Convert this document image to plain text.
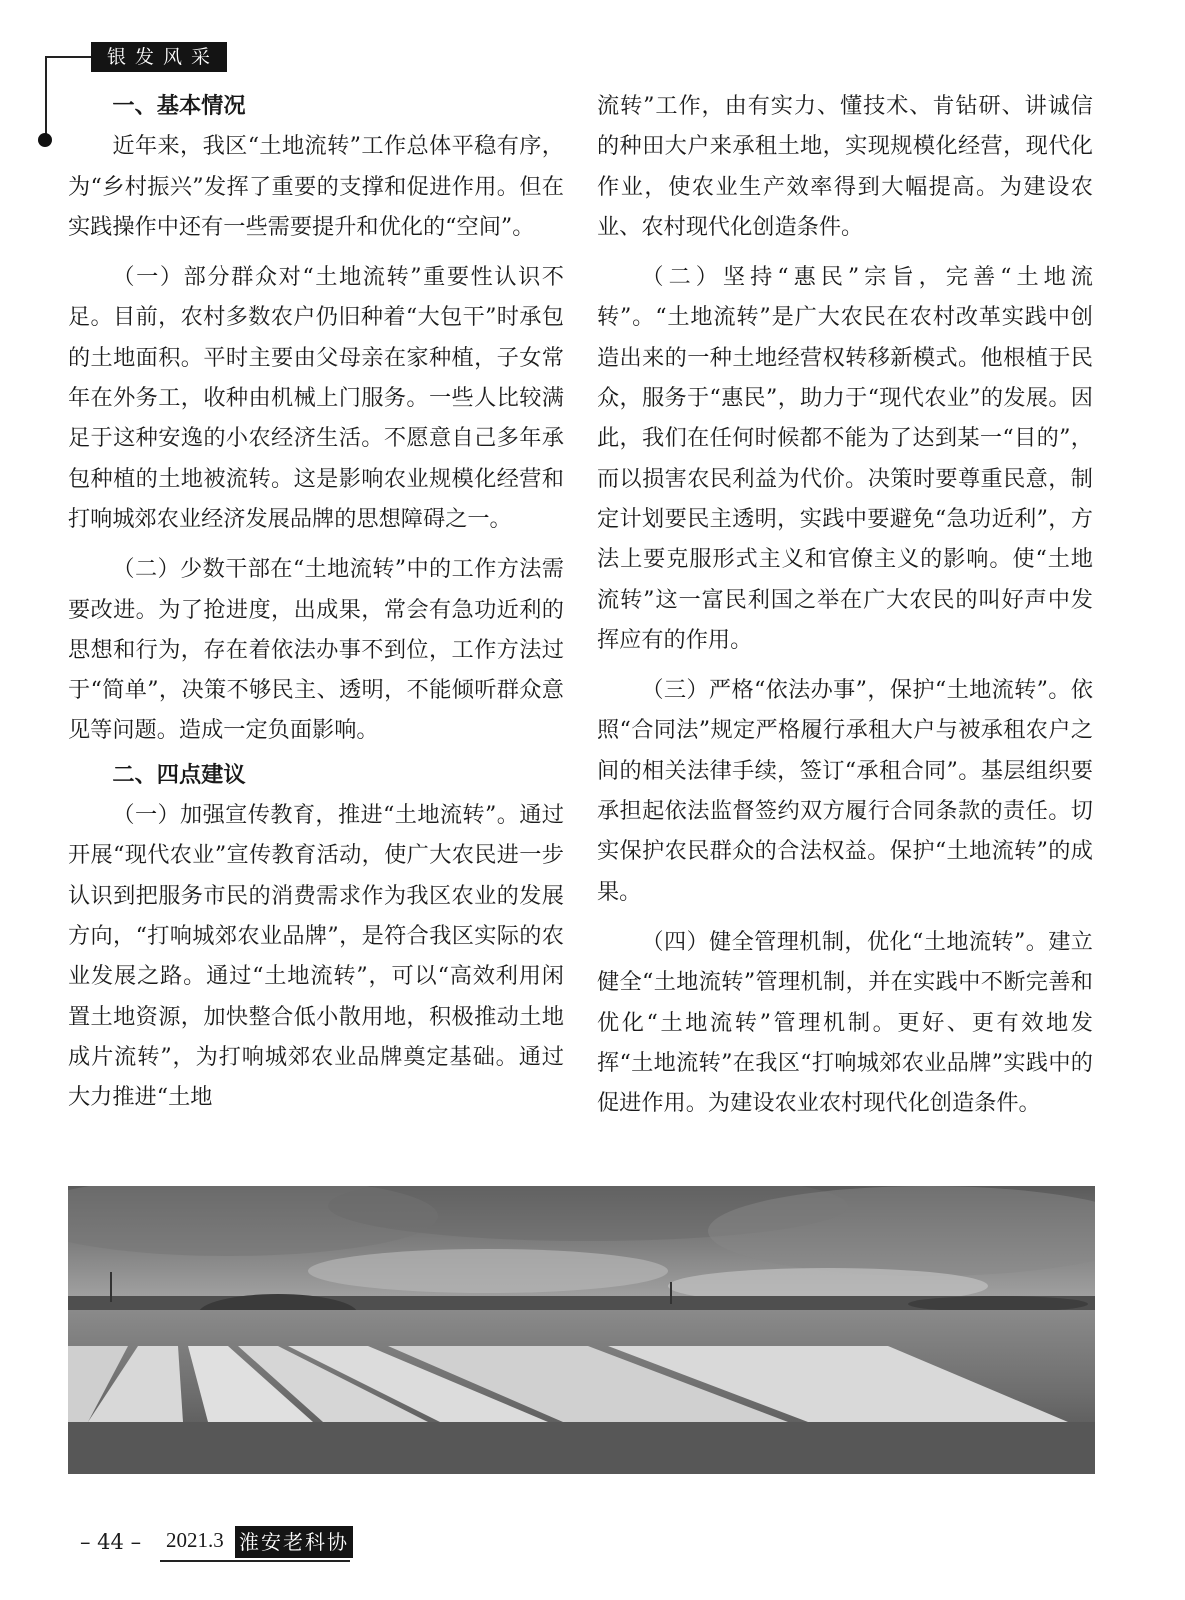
银发风采
一、基本情况

近年来，我区“土地流转”工作总体平稳有序，为“乡村振兴”发挥了重要的支撑和促进作用。但在实践操作中还有一些需要提升和优化的“空间”。

（一）部分群众对“土地流转”重要性认识不足。目前，农村多数农户仍旧种着“大包干”时承包的土地面积。平时主要由父母亲在家种植，子女常年在外务工，收种由机械上门服务。一些人比较满足于这种安逸的小农经济生活。不愿意自己多年承包种植的土地被流转。这是影响农业规模化经营和打响城郊农业经济发展品牌的思想障碍之一。

（二）少数干部在“土地流转”中的工作方法需要改进。为了抢进度，出成果，常会有急功近利的思想和行为，存在着依法办事不到位，工作方法过于“简单”，决策不够民主、透明，不能倾听群众意见等问题。造成一定负面影响。

二、四点建议

（一）加强宣传教育，推进“土地流转”。通过开展“现代农业”宣传教育活动，使广大农民进一步认识到把服务市民的消费需求作为我区农业的发展方向，“打响城郊农业品牌”，是符合我区实际的农业发展之路。通过“土地流转”，可以“高效利用闲置土地资源，加快整合低小散用地，积极推动土地成片流转”，为打响城郊农业品牌奠定基础。通过大力推进“土地

流转”工作，由有实力、懂技术、肯钻研、讲诚信的种田大户来承租土地，实现规模化经营，现代化作业，使农业生产效率得到大幅提高。为建设农业、农村现代化创造条件。

（二）坚持“惠民”宗旨，完善“土地流转”。“土地流转”是广大农民在农村改革实践中创造出来的一种土地经营权转移新模式。他根植于民众，服务于“惠民”，助力于“现代农业”的发展。因此，我们在任何时候都不能为了达到某一“目的”，而以损害农民利益为代价。决策时要尊重民意，制定计划要民主透明，实践中要避免“急功近利”，方法上要克服形式主义和官僚主义的影响。使“土地流转”这一富民利国之举在广大农民的叫好声中发挥应有的作用。

（三）严格“依法办事”，保护“土地流转”。依照“合同法”规定严格履行承租大户与被承租农户之间的相关法律手续，签订“承租合同”。基层组织要承担起依法监督签约双方履行合同条款的责任。切实保护农民群众的合法权益。保护“土地流转”的成果。

（四）健全管理机制，优化“土地流转”。建立健全“土地流转”管理机制，并在实践中不断完善和优化“土地流转”管理机制。更好、更有效地发挥“土地流转”在我区“打响城郊农业品牌”实践中的促进作用。为建设农业农村现代化创造条件。

– 44 – 2021.3 淮安老科协
